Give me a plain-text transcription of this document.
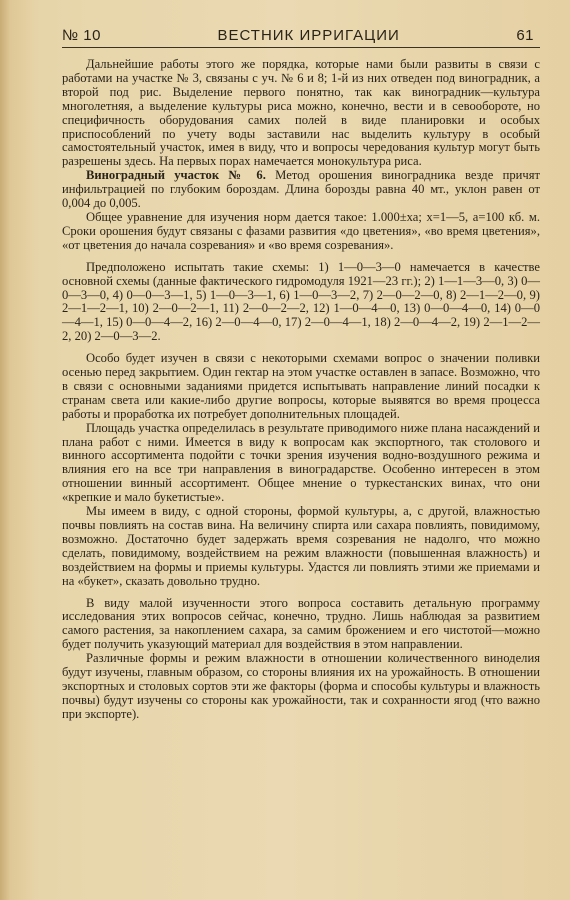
№ 10	ВЕСТНИК ИРРИГАЦИИ	61

Дальнейшие работы этого же порядка, которые нами были развиты в связи с работами на участке № 3, связаны с уч. № 6 и 8; 1-й из них отведен под виноградник, а второй под рис. Выделение первого понятно, так как виноградник—культура многолетняя, а выделение культуры риса можно, конечно, вести и в севообороте, но специфичность оборудования самих полей в виде планировки и особых приспособлений по учету воды заставили нас выделить культуру в особый самостоятельный участок, имея в виду, что и вопросы чередования культур могут быть разрешены здесь. На первых порах намечается монокультура риса.

Виноградный участок № 6. Метод орошения виноградника везде причят инфильтрацией по глубоким бороздам. Длина борозды равна 40 мт., уклон равен от 0,004 до 0,005.

Общее уравнение для изучения норм дается такое: 1.000±ха; х=1—5, а=100 кб. м. Сроки орошения будут связаны с фазами развития «до цветения», «во время цветения», «от цветения до начала созревания» и «во время созревания».

Предположено испытать такие схемы: 1) 1—0—3—0 намечается в качестве основной схемы (данные фактического гидромодуля 1921—23 гг.); 2) 1—1—3—0, 3) 0—0—3—0, 4) 0—0—3—1, 5) 1—0—3—1, 6) 1—0—3—2, 7) 2—0—2—0, 8) 2—1—2—0, 9) 2—1—2—1, 10) 2—0—2—1, 11) 2—0—2—2, 12) 1—0—4—0, 13) 0—0—4—0, 14) 0—0—4—1, 15) 0—0—4—2, 16) 2—0—4—0, 17) 2—0—4—1, 18) 2—0—4—2, 19) 2—1—2—2, 20) 2—0—3—2.

Особо будет изучен в связи с некоторыми схемами вопрос о значении поливки осенью перед закрытием. Один гектар на этом участке оставлен в запасе. Возможно, что в связи с основными заданиями придется испытывать направление линий посадки к странам света или какие-либо другие вопросы, которые выявятся во время процесса работы и проработка их потребует дополнительных площадей.

Площадь участка определилась в результате приводимого ниже плана насаждений и плана работ с ними. Имеется в виду к вопросам как экспортного, так столового и винного ассортимента подойти с точки зрения изучения водно-воздушного режима и влияния его на все три направления в виноградарстве. Особенно интересен в этом отношении винный ассортимент. Общее мнение о туркестанских винах, что они «крепкие и мало букетистые».

Мы имеем в виду, с одной стороны, формой культуры, а, с другой, влажностью почвы повлиять на состав вина. На величину спирта или сахара повлиять, повидимому, возможно. Достаточно будет задержать время созревания не надолго, что можно сделать, повидимому, воздействием на режим влажности (повышенная влажность) и воздействием на формы и приемы культуры. Удастся ли повлиять этими же приемами и на «букет», сказать довольно трудно.

В виду малой изученности этого вопроса составить детальную программу исследования этих вопросов сейчас, конечно, трудно. Лишь наблюдая за развитием самого растения, за накоплением сахара, за самим брожением и его чистотой—можно будет получить указующий материал для воздействия в этом направлении.

Различные формы и режим влажности в отношении количественного виноделия будут изучены, главным образом, со стороны влияния их на урожайность. В отношении экспортных и столовых сортов эти же факторы (форма и способы культуры и влажность почвы) будут изучены со стороны как урожайности, так и сохранности ягод (что важно при экспорте).
